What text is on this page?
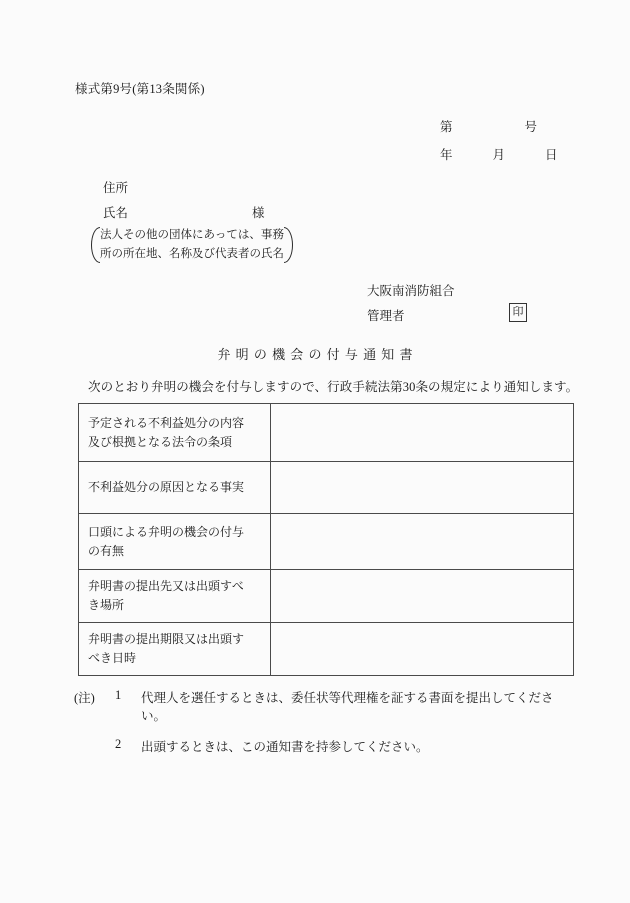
様式第9号(第13条関係)
第	号
年	月	日
住所
氏名	様
法人その他の団体にあっては、事務
所の所在地、名称及び代表者の氏名
大阪南消防組合
管理者	印
弁明の機会の付与通知書
次のとおり弁明の機会を付与しますので、行政手続法第30条の規定により通知します。
予定される不利益処分の内容
及び根拠となる法令の条項	

不利益処分の原因となる事実	

口頭による弁明の機会の付与
の有無	

弁明書の提出先又は出頭すべ
き場所	

弁明書の提出期限又は出頭す
べき日時	

(注)	1	代理人を選任するときは、委任状等代理権を証する書面を提出してください。
2	出頭するときは、この通知書を持参してください。
